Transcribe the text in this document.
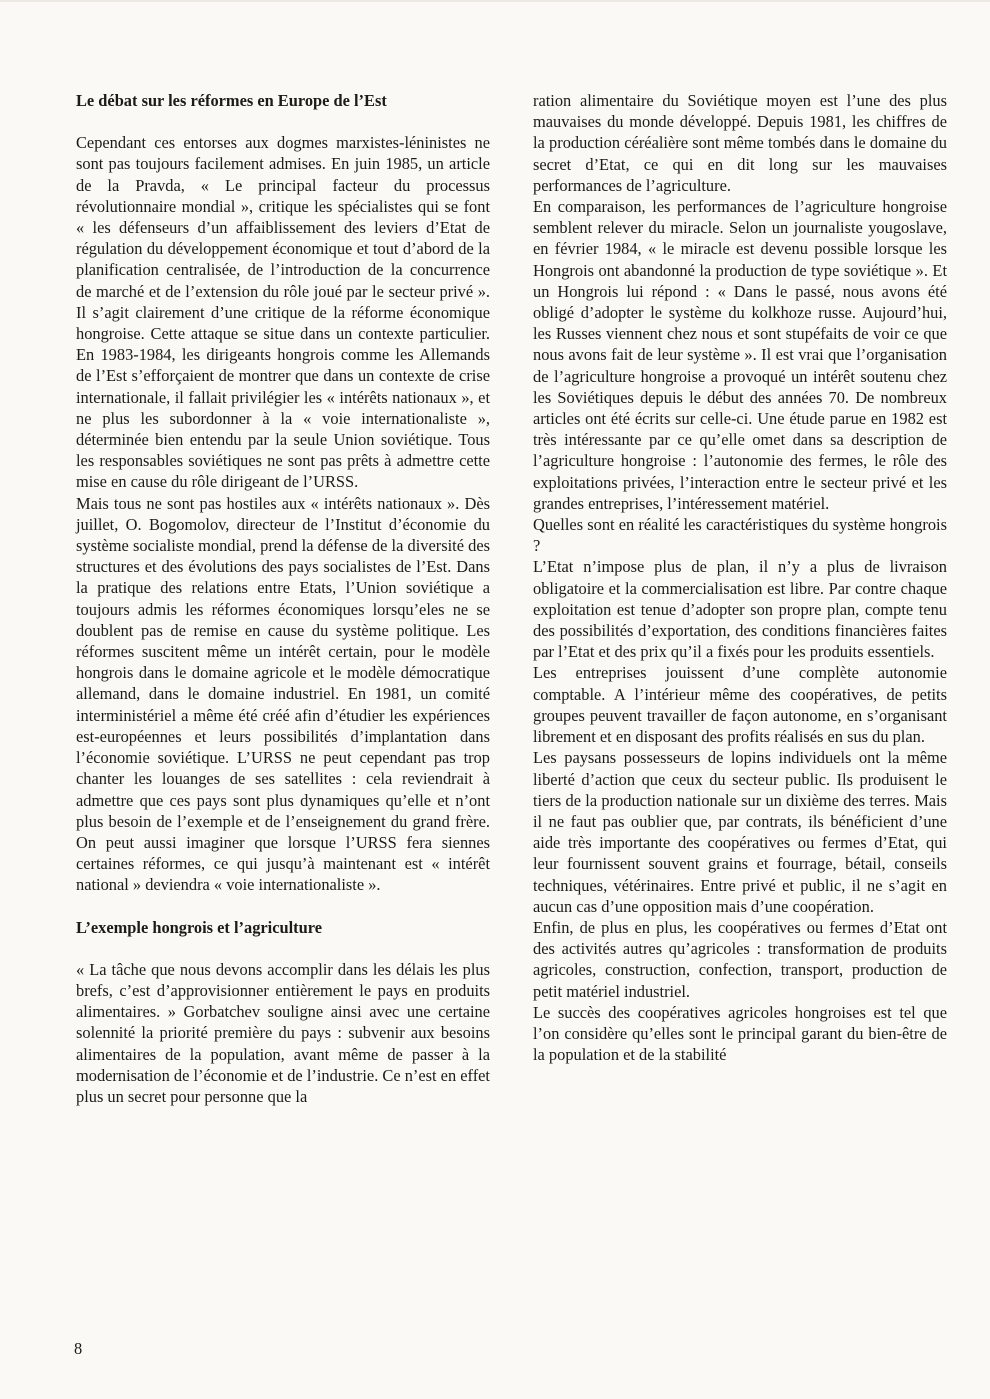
Le débat sur les réformes en Europe de l’Est

Cependant ces entorses aux dogmes marxistes-léninistes ne sont pas toujours facilement admises. En juin 1985, un article de la Pravda, « Le principal facteur du processus révolutionnaire mondial », critique les spécialistes qui se font « les défenseurs d’un affaiblissement des leviers d’Etat de régulation du développement économique et tout d’abord de la planification centralisée, de l’introduction de la concurrence de marché et de l’extension du rôle joué par le secteur privé ». Il s’agit clairement d’une critique de la réforme économique hongroise. Cette attaque se situe dans un contexte particulier. En 1983-1984, les dirigeants hongrois comme les Allemands de l’Est s’efforçaient de montrer que dans un contexte de crise internationale, il fallait privilégier les « intérêts nationaux », et ne plus les subordonner à la « voie internationaliste », déterminée bien entendu par la seule Union soviétique. Tous les responsables soviétiques ne sont pas prêts à admettre cette mise en cause du rôle dirigeant de l’URSS.

Mais tous ne sont pas hostiles aux « intérêts nationaux ». Dès juillet, O. Bogomolov, directeur de l’Institut d’économie du système socialiste mondial, prend la défense de la diversité des structures et des évolutions des pays socialistes de l’Est. Dans la pratique des relations entre Etats, l’Union soviétique a toujours admis les réformes économiques lorsqu’eles ne se doublent pas de remise en cause du système politique. Les réformes suscitent même un intérêt certain, pour le modèle hongrois dans le domaine agricole et le modèle démocratique allemand, dans le domaine industriel. En 1981, un comité interministériel a même été créé afin d’étudier les expériences est-européennes et leurs possibilités d’implantation dans l’économie soviétique. L’URSS ne peut cependant pas trop chanter les louanges de ses satellites : cela reviendrait à admettre que ces pays sont plus dynamiques qu’elle et n’ont plus besoin de l’exemple et de l’enseignement du grand frère. On peut aussi imaginer que lorsque l’URSS fera siennes certaines réformes, ce qui jusqu’à maintenant est « intérêt national » deviendra « voie internationaliste ».

L’exemple hongrois et l’agriculture

« La tâche que nous devons accomplir dans les délais les plus brefs, c’est d’approvisionner entièrement le pays en produits alimentaires. » Gorbatchev souligne ainsi avec une certaine solennité la priorité première du pays : subvenir aux besoins alimentaires de la population, avant même de passer à la modernisation de l’économie et de l’industrie. Ce n’est en effet plus un secret pour personne que la

ration alimentaire du Soviétique moyen est l’une des plus mauvaises du monde développé. Depuis 1981, les chiffres de la production céréalière sont même tombés dans le domaine du secret d’Etat, ce qui en dit long sur les mauvaises performances de l’agriculture.

En comparaison, les performances de l’agriculture hongroise semblent relever du miracle. Selon un journaliste yougoslave, en février 1984, « le miracle est devenu possible lorsque les Hongrois ont abandonné la production de type soviétique ». Et un Hongrois lui répond : « Dans le passé, nous avons été obligé d’adopter le système du kolkhoze russe. Aujourd’hui, les Russes viennent chez nous et sont stupéfaits de voir ce que nous avons fait de leur système ». Il est vrai que l’organisation de l’agriculture hongroise a provoqué un intérêt soutenu chez les Soviétiques depuis le début des années 70. De nombreux articles ont été écrits sur celle-ci. Une étude parue en 1982 est très intéressante par ce qu’elle omet dans sa description de l’agriculture hongroise : l’autonomie des fermes, le rôle des exploitations privées, l’interaction entre le secteur privé et les grandes entreprises, l’intéressement matériel.

Quelles sont en réalité les caractéristiques du système hongrois ?

L’Etat n’impose plus de plan, il n’y a plus de livraison obligatoire et la commercialisation est libre. Par contre chaque exploitation est tenue d’adopter son propre plan, compte tenu des possibilités d’exportation, des conditions financières faites par l’Etat et des prix qu’il a fixés pour les produits essentiels.

Les entreprises jouissent d’une complète autonomie comptable. A l’intérieur même des coopératives, de petits groupes peuvent travailler de façon autonome, en s’organisant librement et en disposant des profits réalisés en sus du plan.

Les paysans possesseurs de lopins individuels ont la même liberté d’action que ceux du secteur public. Ils produisent le tiers de la production nationale sur un dixième des terres. Mais il ne faut pas oublier que, par contrats, ils bénéficient d’une aide très importante des coopératives ou fermes d’Etat, qui leur fournissent souvent grains et fourrage, bétail, conseils techniques, vétérinaires. Entre privé et public, il ne s’agit en aucun cas d’une opposition mais d’une coopération.

Enfin, de plus en plus, les coopératives ou fermes d’Etat ont des activités autres qu’agricoles : transformation de produits agricoles, construction, confection, transport, production de petit matériel industriel.

Le succès des coopératives agricoles hongroises est tel que l’on considère qu’elles sont le principal garant du bien-être de la population et de la stabilité

8
